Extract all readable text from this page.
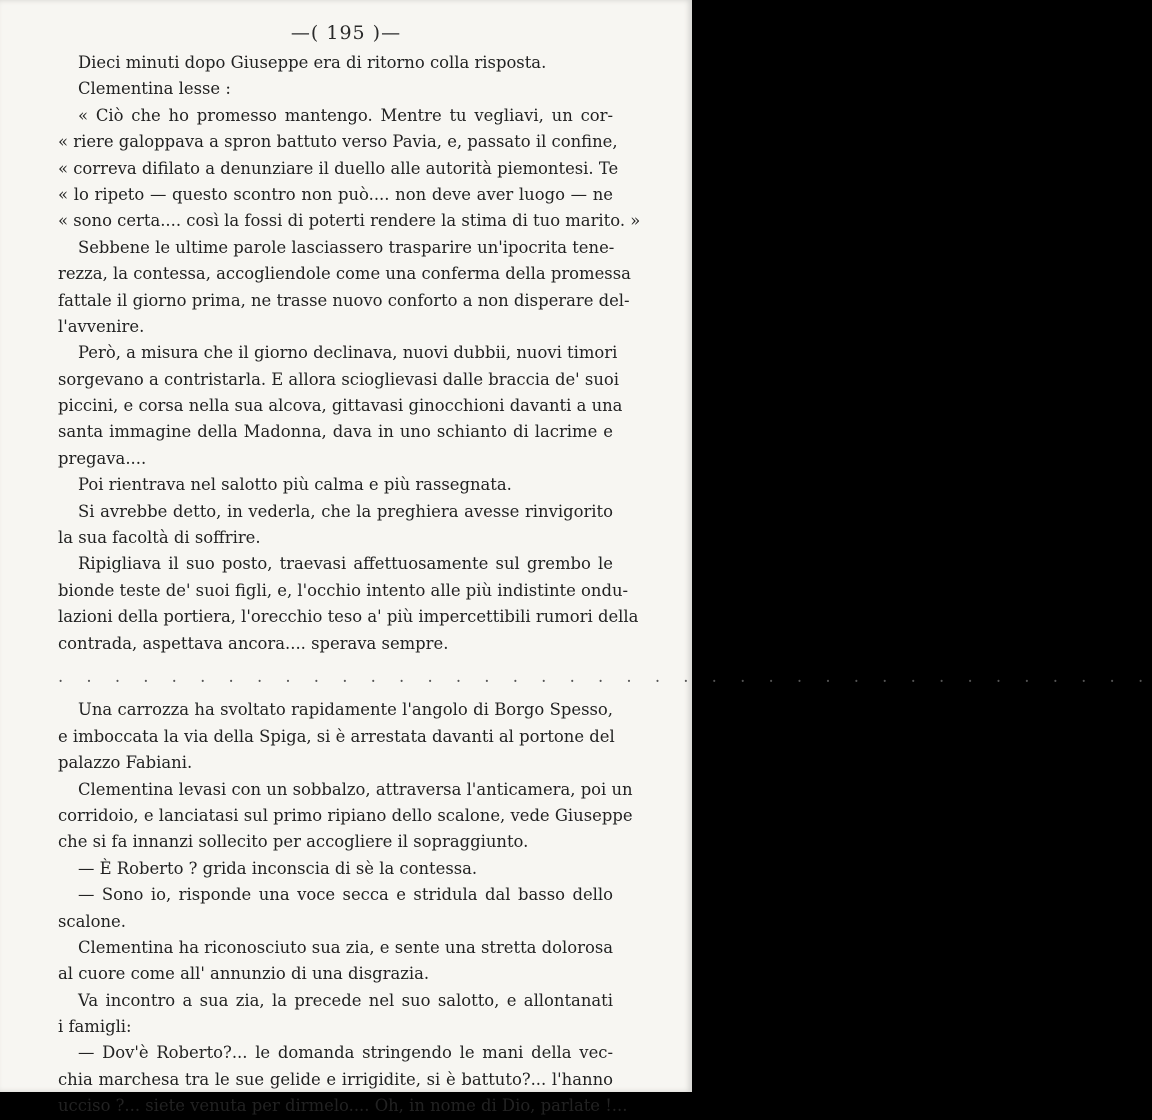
—( 195 )—
Dieci minuti dopo Giuseppe era di ritorno colla risposta.
Clementina lesse :
« Ciò che ho promesso mantengo. Mentre tu vegliavi, un cor-
« riere galoppava a spron battuto verso Pavia, e, passato il confine,
« correva difilato a denunziare il duello alle autorità piemontesi. Te
« lo ripeto — questo scontro non può.... non deve aver luogo — ne
« sono certa.... così la fossi di poterti rendere la stima di tuo marito. »
Sebbene le ultime parole lasciassero trasparire un'ipocrita tene-
rezza, la contessa, accogliendole come una conferma della promessa
fattale il giorno prima, ne trasse nuovo conforto a non disperare del-
l'avvenire.
Però, a misura che il giorno declinava, nuovi dubbii, nuovi timori
sorgevano a contristarla. E allora scioglievasi dalle braccia de' suoi
piccini, e corsa nella sua alcova, gittavasi ginocchioni davanti a una
santa immagine della Madonna, dava in uno schianto di lacrime e
pregava....
Poi rientrava nel salotto più calma e più rassegnata.
Si avrebbe detto, in vederla, che la preghiera avesse rinvigorito
la sua facoltà di soffrire.
Ripigliava il suo posto, traevasi affettuosamente sul grembo le
bionde teste de' suoi figli, e, l'occhio intento alle più indistinte ondu-
lazioni della portiera, l'orecchio teso a' più impercettibili rumori della
contrada, aspettava ancora.... sperava sempre.
. . . . . . . . . . . . . . . . . . . . . . . . . . . . . . . . . . . . . . .
Una carrozza ha svoltato rapidamente l'angolo di Borgo Spesso,
e imboccata la via della Spiga, si è arrestata davanti al portone del
palazzo Fabiani.
Clementina levasi con un sobbalzo, attraversa l'anticamera, poi un
corridoio, e lanciatasi sul primo ripiano dello scalone, vede Giuseppe
che si fa innanzi sollecito per accogliere il sopraggiunto.
— È Roberto ? grida inconscia di sè la contessa.
— Sono io, risponde una voce secca e stridula dal basso dello
scalone.
Clementina ha riconosciuto sua zia, e sente una stretta dolorosa
al cuore come all' annunzio di una disgrazia.
Va incontro a sua zia, la precede nel suo salotto, e allontanati
i famigli:
— Dov'è Roberto?... le domanda stringendo le mani della vec-
chia marchesa tra le sue gelide e irrigidite, si è battuto?... l'hanno
ucciso ?... siete venuta per dirmelo.... Oh, in nome di Dio, parlate !...
